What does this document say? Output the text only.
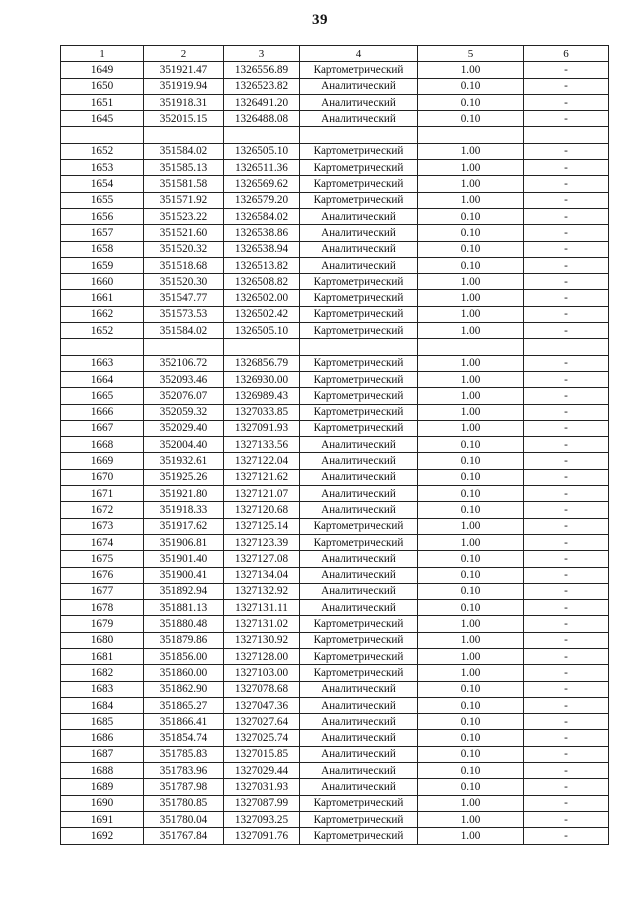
39
1	2	3	4	5	6
1649	351921.47	1326556.89	Картометрический	1.00	-
1650	351919.94	1326523.82	Аналитический	0.10	-
1651	351918.31	1326491.20	Аналитический	0.10	-
1645	352015.15	1326488.08	Аналитический	0.10	-

1652	351584.02	1326505.10	Картометрический	1.00	-
1653	351585.13	1326511.36	Картометрический	1.00	-
1654	351581.58	1326569.62	Картометрический	1.00	-
1655	351571.92	1326579.20	Картометрический	1.00	-
1656	351523.22	1326584.02	Аналитический	0.10	-
1657	351521.60	1326538.86	Аналитический	0.10	-
1658	351520.32	1326538.94	Аналитический	0.10	-
1659	351518.68	1326513.82	Аналитический	0.10	-
1660	351520.30	1326508.82	Картометрический	1.00	-
1661	351547.77	1326502.00	Картометрический	1.00	-
1662	351573.53	1326502.42	Картометрический	1.00	-
1652	351584.02	1326505.10	Картометрический	1.00	-

1663	352106.72	1326856.79	Картометрический	1.00	-
1664	352093.46	1326930.00	Картометрический	1.00	-
1665	352076.07	1326989.43	Картометрический	1.00	-
1666	352059.32	1327033.85	Картометрический	1.00	-
1667	352029.40	1327091.93	Картометрический	1.00	-
1668	352004.40	1327133.56	Аналитический	0.10	-
1669	351932.61	1327122.04	Аналитический	0.10	-
1670	351925.26	1327121.62	Аналитический	0.10	-
1671	351921.80	1327121.07	Аналитический	0.10	-
1672	351918.33	1327120.68	Аналитический	0.10	-
1673	351917.62	1327125.14	Картометрический	1.00	-
1674	351906.81	1327123.39	Картометрический	1.00	-
1675	351901.40	1327127.08	Аналитический	0.10	-
1676	351900.41	1327134.04	Аналитический	0.10	-
1677	351892.94	1327132.92	Аналитический	0.10	-
1678	351881.13	1327131.11	Аналитический	0.10	-
1679	351880.48	1327131.02	Картометрический	1.00	-
1680	351879.86	1327130.92	Картометрический	1.00	-
1681	351856.00	1327128.00	Картометрический	1.00	-
1682	351860.00	1327103.00	Картометрический	1.00	-
1683	351862.90	1327078.68	Аналитический	0.10	-
1684	351865.27	1327047.36	Аналитический	0.10	-
1685	351866.41	1327027.64	Аналитический	0.10	-
1686	351854.74	1327025.74	Аналитический	0.10	-
1687	351785.83	1327015.85	Аналитический	0.10	-
1688	351783.96	1327029.44	Аналитический	0.10	-
1689	351787.98	1327031.93	Аналитический	0.10	-
1690	351780.85	1327087.99	Картометрический	1.00	-
1691	351780.04	1327093.25	Картометрический	1.00	-
1692	351767.84	1327091.76	Картометрический	1.00	-
